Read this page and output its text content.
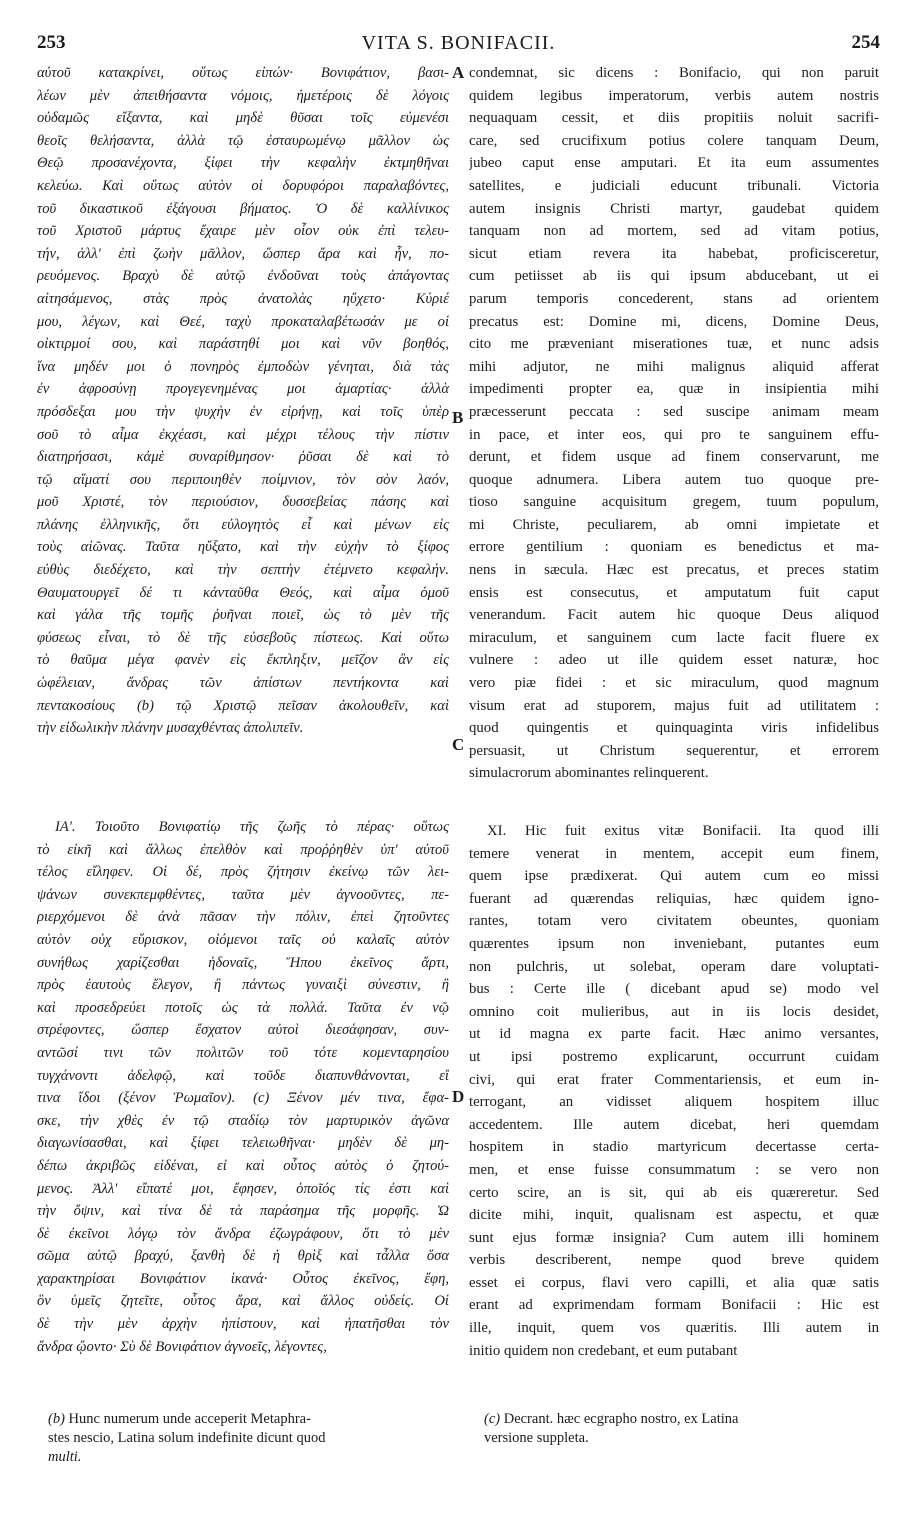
253	VITA S. BONIFACII.	254
αὐτοῦ κατακρίνει, οὕτως εἰπών· Βονιφάτιον, βασι-
λέων μὲν ἀπειθήσαντα νόμοις, ἡμετέροις δὲ λόγοις
οὐδαμῶς εἴξαντα, καὶ μηδὲ θῦσαι τοῖς εὐμενέσι
θεοῖς θελήσαντα, ἀλλὰ τῷ ἐσταυρωμένῳ μᾶλλον ὡς
Θεῷ προσανέχοντα, ξίφει τὴν κεφαλὴν ἐκτμηθῆναι
κελεύω. Καὶ οὕτως αὐτὸν οἱ δορυφόροι παραλαβόντες,
τοῦ δικαστικοῦ ἐξάγουσι βήματος. Ὁ δὲ καλλίνικος
τοῦ Χριστοῦ μάρτυς ἔχαιρε μὲν οἷον οὐκ ἐπὶ τελευ-
τήν, ἀλλ' ἐπὶ ζωὴν μᾶλλον, ὥσπερ ἄρα καὶ ἦν, πο-
ρευόμενος. Βραχὺ δὲ αὐτῷ ἐνδοῦναι τοὺς ἀπάγοντας
αἰτησάμενος, στὰς πρὸς ἀνατολὰς ηὔχετο· Κύριέ
μου, λέγων, καὶ Θεέ, ταχὺ προκαταλαβέτωσάν με οἱ
οἰκτιρμοί σου, καὶ παράστηθί μοι καὶ νῦν βοηθός,
ἵνα μηδέν μοι ὁ πονηρὸς ἐμποδὼν γένηται, διὰ τὰς
ἐν ἀφροσύνῃ προγεγενημένας μοι ἁμαρτίας· ἀλλὰ
πρόσδεξαι μου τὴν ψυχὴν ἐν εἰρήνῃ, καὶ τοῖς ὑπὲρ
σοῦ τὸ αἷμα ἐκχέασι, καὶ μέχρι τέλους τὴν πίστιν
διατηρήσασι, κἀμὲ συναρίθμησον· ῥῦσαι δὲ καὶ τὸ
τῷ αἵματί σου περιποιηθὲν ποίμνιον, τὸν σὸν λαόν,
μοῦ Χριστέ, τὸν περιούσιον, δυσσεβείας πάσης καὶ
πλάνης ἑλληνικῆς, ὅτι εὐλογητὸς εἶ καὶ μένων εἰς
τοὺς αἰῶνας. Ταῦτα ηὔξατο, καὶ τὴν εὐχὴν τὸ ξίφος
εὐθὺς διεδέχετο, καὶ τὴν σεπτὴν ἐτέμνετο κεφαλήν.
Θαυματουργεῖ δέ τι κἀνταῦθα Θεός, καὶ αἷμα ὁμοῦ
καὶ γάλα τῆς τομῆς ῥυῆναι ποιεῖ, ὡς τὸ μὲν τῆς
φύσεως εἶναι, τὸ δὲ τῆς εὐσεβοῦς πίστεως. Καὶ οὕτω
τὸ θαῦμα μέγα φανὲν εἰς ἔκπληξιν, μεῖζον ἂν εἰς
ὠφέλειαν, ἄνδρας τῶν ἀπίστων πεντήκοντα καὶ
πεντακοσίους (b) τῷ Χριστῷ πεῖσαν ἀκολουθεῖν, καὶ
τὴν εἰδωλικὴν πλάνην μυσαχθέντας ἀπολιπεῖν.
ΙΑ'. Τοιοῦτο Βονιφατίῳ τῆς ζωῆς τὸ πέρας· οὕτως
τὸ εἰκῆ καὶ ἄλλως ἐπελθὸν καὶ προῤῥηθὲν ὑπ' αὐτοῦ
τέλος εἴληφεν. Οἱ δέ, πρὸς ζήτησιν ἐκείνῳ τῶν λει-
ψάνων συνεκπεμφθέντες, ταῦτα μὲν ἀγνοοῦντες, πε-
ριερχόμενοι δὲ ἀνὰ πᾶσαν τὴν πόλιν, ἐπεὶ ζητοῦντες
αὐτὸν οὐχ εὕρισκον, οἰόμενοι ταῖς οὐ καλαῖς αὐτὸν
συνήθως χαρίζεσθαι ἡδοναῖς, Ἤπου ἐκεῖνος ἄρτι,
πρὸς ἑαυτοὺς ἔλεγον, ἢ πάντως γυναιξὶ σύνεστιν, ἢ
καὶ προσεδρεύει ποτοῖς ὡς τὰ πολλά. Ταῦτα ἐν νῷ
στρέφοντες, ὥσπερ ἔσχατον αὐτοὶ διεσάφησαν, συν-
αντῶσί τινι τῶν πολιτῶν τοῦ τότε κομενταρησίου
τυγχάνοντι ἀδελφῷ, καὶ τοῦδε διαπυνθάνονται, εἴ
τινα ἴδοι (ξένον Ῥωμαῖον). (c) Ξένον μέν τινα, ἔφα-
σκε, τὴν χθὲς ἐν τῷ σταδίῳ τὸν μαρτυρικὸν ἀγῶνα
διαγωνίσασθαι, καὶ ξίφει τελειωθῆναι· μηδὲν δὲ μη-
δέπω ἀκριβῶς εἰδέναι, εἰ καὶ οὗτος αὐτὸς ὁ ζητού-
μενος. Ἀλλ' εἴπατέ μοι, ἔφησεν, ὁποῖός τίς ἐστι καὶ
τὴν ὄψιν, καὶ τίνα δὲ τὰ παράσημα τῆς μορφῆς. Ὡ
δὲ ἐκεῖνοι λόγῳ τὸν ἄνδρα ἐζωγράφουν, ὅτι τὸ μὲν
σῶμα αὐτῷ βραχύ, ξανθὴ δὲ ἡ θρὶξ καὶ τἆλλα ὅσα
χαρακτηρίσαι Βονιφάτιον ἱκανά· Οὗτος ἐκεῖνος, ἔφη,
ὃν ὑμεῖς ζητεῖτε, οὗτος ἄρα, καὶ ἄλλος οὐδείς. Οἱ
δὲ τὴν μὲν ἀρχὴν ἠπίστουν, καὶ ἠπατῆσθαι τὸν
ἄνδρα ᾤοντο· Σὺ δὲ Βονιφάτιον ἀγνοεῖς, λέγοντες,
condemnat, sic dicens : Bonifacio, qui non paruit
quidem legibus imperatorum, verbis autem nostris
nequaquam cessit, et diis propitiis noluit sacrifi-
care, sed crucifixum potius colere tanquam Deum,
jubeo caput ense amputari. Et ita eum assumentes
satellites, e judiciali educunt tribunali. Victoria
autem insignis Christi martyr, gaudebat quidem
tanquam non ad mortem, sed ad vitam potius,
sicut etiam revera ita habebat, proficisceretur,
cum petiisset ab iis qui ipsum abducebant, ut ei
parum temporis concederent, stans ad orientem
precatus est: Domine mi, dicens, Domine Deus,
cito me præveniant miserationes tuæ, et nunc adsis
mihi adjutor, ne mihi malignus aliquid afferat
impedimenti propter ea, quæ in insipientia mihi
præcesserunt peccata : sed suscipe animam meam
in pace, et inter eos, qui pro te sanguinem effu-
derunt, et fidem usque ad finem conservarunt, me
quoque adnumera. Libera autem tuo quoque pre-
tioso sanguine acquisitum gregem, tuum populum,
mi Christe, peculiarem, ab omni impietate et
errore gentilium : quoniam es benedictus et ma-
nens in sæcula. Hæc est precatus, et preces statim
ensis est consecutus, et amputatum fuit caput
venerandum. Facit autem hic quoque Deus aliquod
miraculum, et sanguinem cum lacte facit fluere ex
vulnere : adeo ut ille quidem esset naturæ, hoc
vero piæ fidei : et sic miraculum, quod magnum
visum erat ad stuporem, majus fuit ad utilitatem :
quod quingentis et quinquaginta viris infidelibus
persuasit, ut Christum sequerentur, et errorem
simulacrorum abominantes relinquerent.
XI. Hic fuit exitus vitæ Bonifacii. Ita quod illi
temere venerat in mentem, accepit eum finem,
quem ipse prædixerat. Qui autem cum eo missi
fuerant ad quærendas reliquias, hæc quidem igno-
rantes, totam vero civitatem obeuntes, quoniam
quærentes ipsum non inveniebant, putantes eum
non pulchris, ut solebat, operam dare voluptati-
bus : Certe ille ( dicebant apud se) modo vel
omnino coit mulieribus, aut in iis locis desidet,
ut id magna ex parte facit. Hæc animo versantes,
ut ipsi postremo explicarunt, occurrunt cuidam
civi, qui erat frater Commentariensis, et eum in-
terrogant, an vidisset aliquem hospitem illuc
accedentem. Ille autem dicebat, heri quemdam
hospitem in stadio martyricum decertasse certa-
men, et ense fuisse consummatum : se vero non
certo scire, an is sit, qui ab eis quæreretur. Sed
dicite mihi, inquit, qualisnam est aspectu, et quæ
sunt ejus formæ insignia? Cum autem illi hominem
verbis describerent, nempe quod breve quidem
esset ei corpus, flavi vero capilli, et alia quæ satis
erant ad exprimendam formam Bonifacii : Hic est
ille, inquit, quem vos quæritis. Illi autem in
initio quidem non credebant, et eum putabant
A
B
C
D
(b) Hunc numerum unde acceperit Metaphra-
stes nescio, Latina solum indefinite dicunt quod
multi.
(c) Decrant. hæc ecgrapho nostro, ex Latina
versione suppleta.
